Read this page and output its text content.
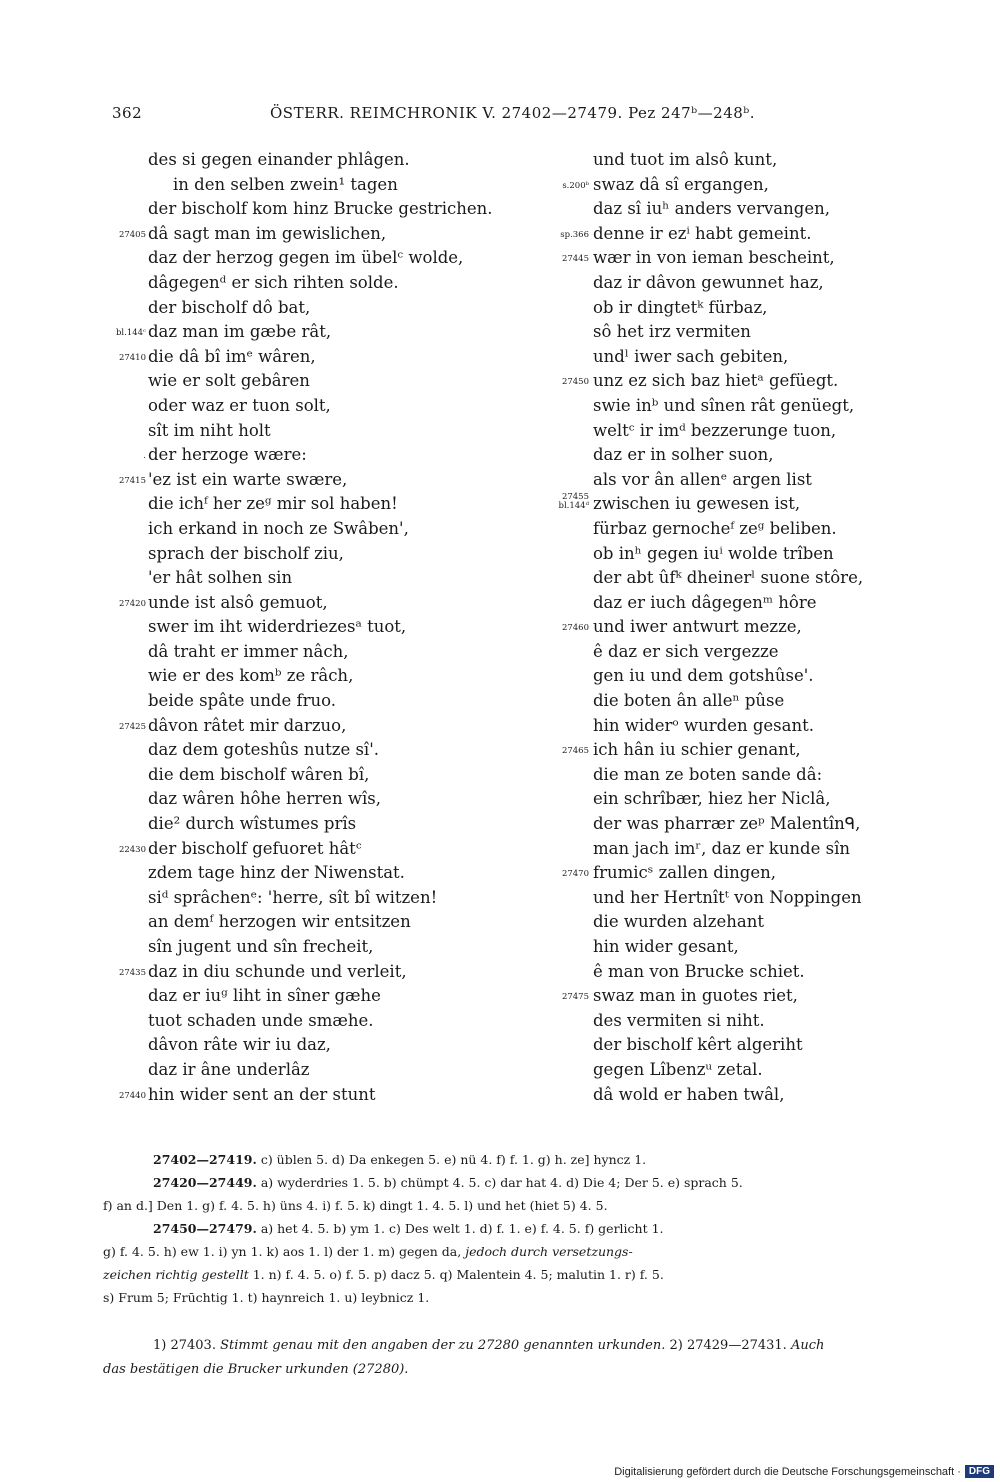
362	ÖSTERR. REIMCHRONIK V. 27402—27479. Pez 247ᵇ—248ᵇ.
des si gegen einander phlâgen.
in den selben zwein¹ tagen
der bischolf kom hinz Brucke gestrichen.
27405 dâ sagt man im gewislichen,
daz der herzog gegen im übelᶜ wolde,
dâgegenᵈ er sich rihten solde.
der bischolf dô bat,
bl.144ᶜ daz man im gæbe rât,
27410 die dâ bî imᵉ wâren,
wie er solt gebâren
oder waz er tuon solt,
sît im niht holt
. der herzoge wære:
27415 'ez ist ein warte swære,
die ichᶠ her zeᵍ mir sol haben!
ich erkand in noch ze Swâben',
sprach der bischolf ziu,
'er hât solhen sin
27420 unde ist alsô gemuot,
swer im iht widerdriezesᵃ tuot,
dâ traht er immer nâch,
wie er des komᵇ ze râch,
beide spâte unde fruo.
27425 dâvon râtet mir darzuo,
daz dem goteshûs nutze sî'.
die dem bischolf wâren bî,
daz wâren hôhe herren wîs,
die² durch wîstumes prîs
22430 der bischolf gefuoret hâtᶜ
zdem tage hinz der Niwenstat.
siᵈ sprâchenᵉ: 'herre, sît bî witzen!
an demᶠ herzogen wir entsitzen
sîn jugent und sîn frecheit,
27435 daz in diu schunde und verleit,
daz er iuᵍ liht in sîner gæhe
tuot schaden unde smæhe.
dâvon râte wir iu daz,
daz ir âne underlâz
27440 hin wider sent an der stunt
und tuot im alsô kunt,
s.200ᵇ swaz dâ sî ergangen,
daz sî iuʰ anders vervangen,
sp.366 denne ir ezⁱ habt gemeint.
27445 wær in von ieman bescheint,
daz ir dâvon gewunnet haz,
ob ir dingtetᵏ fürbaz,
sô het irz vermiten
undˡ iwer sach gebiten,
27450 unz ez sich baz hietᵃ gefüegt.
swie inᵇ und sînen rât genüegt,
weltᶜ ir imᵈ bezzerunge tuon,
daz er in solher suon,
als vor ân allenᵉ argen list
27455
bl.144ᵈ zwischen iu gewesen ist,
fürbaz gernocheᶠ zeᵍ beliben.
ob inʰ gegen iuⁱ wolde trîben
der abt ûfᵏ dheinerˡ suone stôre,
daz er iuch dâgegenᵐ hôre
27460 und iwer antwurt mezze,
ê daz er sich vergezze
gen iu und dem gotshûse'.
die boten ân alleⁿ pûse
hin widerᵒ wurden gesant.
27465 ich hân iu schier genant,
die man ze boten sande dâ:
ein schrîbær, hiez her Niclâ,
der was pharrær zeᵖ Malentînᑫ,
man jach imʳ, daz er kunde sîn
27470 frumicˢ zallen dingen,
und her Hertnîtᵗ von Noppingen
die wurden alzehant
hin wider gesant,
ê man von Brucke schiet.
27475 swaz man in guotes riet,
des vermiten si niht.
der bischolf kêrt algeriht
gegen Lîbenzᵘ zetal.
dâ wold er haben twâl,
27402—27419. c) üblen 5. d) Da enkegen 5. e) nü 4. f) f. 1. g) h. ze] hyncz 1.
27420—27449. a) wyderdries 1. 5. b) chümpt 4. 5. c) dar hat 4. d) Die 4; Der 5. e) sprach 5.
f) an d.] Den 1. g) f. 4. 5. h) üns 4. i) f. 5. k) dingt 1. 4. 5. l) und het (hiet 5) 4. 5.
27450—27479. a) het 4. 5. b) ym 1. c) Des welt 1. d) f. 1. e) f. 4. 5. f) gerlicht 1.
g) f. 4. 5. h) ew 1. i) yn 1. k) aos 1. l) der 1. m) gegen da, jedoch durch versetzungs-
zeichen richtig gestellt 1. n) f. 4. 5. o) f. 5. p) dacz 5. q) Malentein 4. 5; malutin 1. r) f. 5.
s) Frum 5; Frūchtig 1. t) haynreich 1. u) leybnicz 1.
1) 27403. Stimmt genau mit den angaben der zu 27280 genannten urkunden. 2) 27429—27431. Auch
das bestätigen die Brucker urkunden (27280).
Digitalisierung gefördert durch die Deutsche Forschungsgemeinschaft · DFG
